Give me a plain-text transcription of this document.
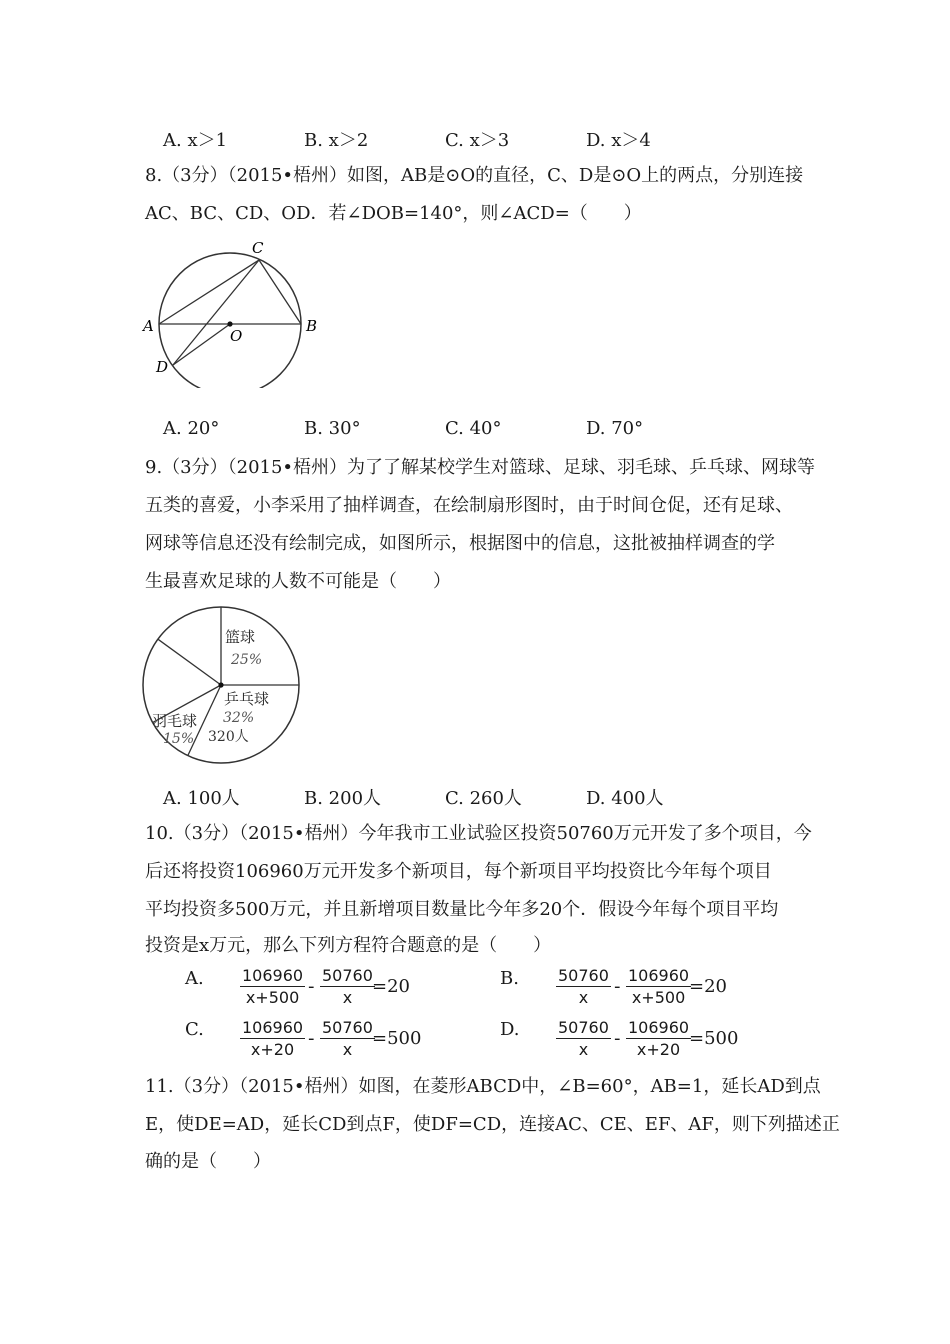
A. x＞1	B. x＞2	C. x＞3	D. x＞4
8.（3分）（2015•梧州）如图，AB是⊙O的直径，C、D是⊙O上的两点，分别连接
AC、BC、CD、OD．若∠DOB=140°，则∠ACD=（　　）
C
A	B
O
D
A. 20°	B. 30°	C. 40°	D. 70°
9.（3分）（2015•梧州）为了了解某校学生对篮球、足球、羽毛球、乒乓球、网球等
五类的喜爱，小李采用了抽样调查，在绘制扇形图时，由于时间仓促，还有足球、
网球等信息还没有绘制完成，如图所示，根据图中的信息，这批被抽样调查的学
生最喜欢足球的人数不可能是（　　）
篮球
25%
乒乓球
32%
320人
羽毛球
15%
A. 100人	B. 200人	C. 260人	D. 400人
10.（3分）（2015•梧州）今年我市工业试验区投资50760万元开发了多个项目，今
后还将投资106960万元开发多个新项目，每个新项目平均投资比今年每个项目
平均投资多500万元，并且新增项目数量比今年多20个．假设今年每个项目平均
投资是x万元，那么下列方程符合题意的是（　　）
A. $\frac{106960}{x+500} - \frac{50760}{x}$
=20	B. $\frac{50760}{x} - \frac{106960}{x+500}$
=20
C. $\frac{106960}{x+20} - \frac{50760}{x}$
=500	D. $\frac{50760}{x} - \frac{106960}{x+20}$
=500
11.（3分）（2015•梧州）如图，在菱形ABCD中，∠B=60°，AB=1，延长AD到点
E，使DE=AD，延长CD到点F，使DF=CD，连接AC、CE、EF、AF，则下列描述正
确的是（　　）
